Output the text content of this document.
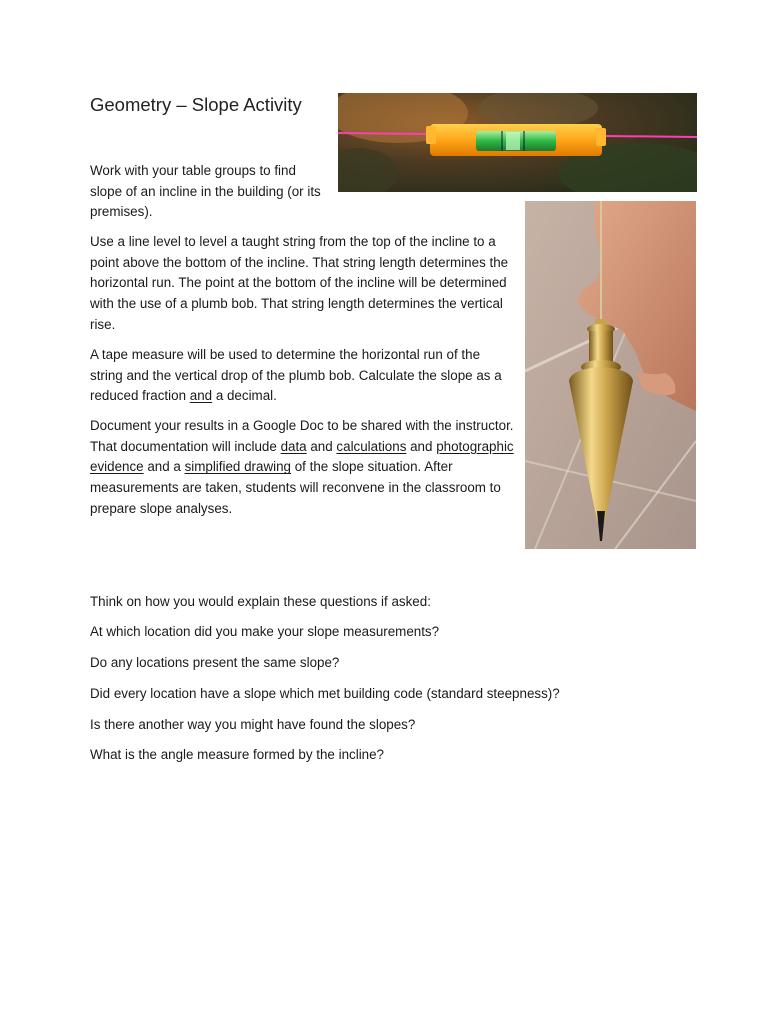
Geometry – Slope Activity

Work with your table groups to find slope of an incline in the building (or its premises).

Use a line level to level a taught string from the top of the incline to a point above the bottom of the incline. That string length determines the horizontal run. The point at the bottom of the incline will be determined with the use of a plumb bob. That string length determines the vertical rise.

A tape measure will be used to determine the horizontal run of the string and the vertical drop of the plumb bob. Calculate the slope as a reduced fraction and a decimal.

Document your results in a Google Doc to be shared with the instructor. That documentation will include data and calculations and photographic evidence and a simplified drawing of the slope situation. After measurements are taken, students will reconvene in the classroom to prepare slope analyses.

Think on how you would explain these questions if asked:
At which location did you make your slope measurements?
Do any locations present the same slope?
Did every location have a slope which met building code (standard steepness)?
Is there another way you might have found the slopes?
What is the angle measure formed by the incline?
